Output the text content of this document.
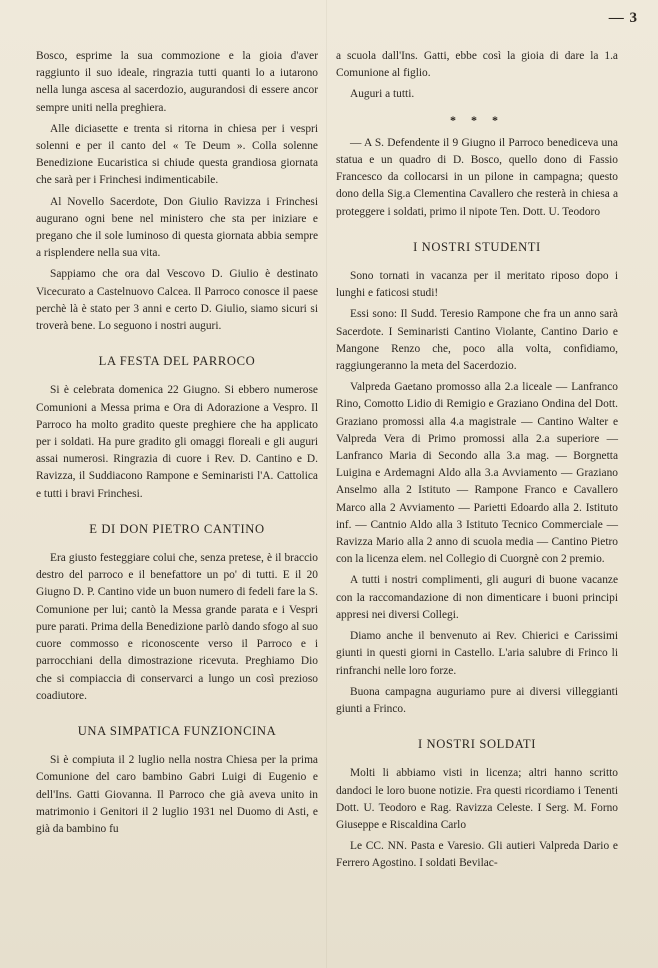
— 3

Bosco, esprime la sua commozione e la gioia d'aver raggiunto il suo ideale, ringrazia tutti quanti lo a iutarono nella lunga ascesa al sacerdozio, augurandosi di essere ancor sempre uniti nella preghiera.

Alle diciasette e trenta si ritorna in chiesa per i vespri solenni e per il canto del « Te Deum ». Colla solenne Benedizione Eucaristica si chiude questa grandiosa giornata che sarà per i Frinchesi indimenticabile.

Al Novello Sacerdote, Don Giulio Ravizza i Frinchesi augurano ogni bene nel ministero che sta per iniziare e pregano che il sole luminoso di questa giornata abbia sempre a risplendere nella sua vita.

Sappiamo che ora dal Vescovo D. Giulio è destinato Vicecurato a Castelnuovo Calcea. Il Parroco conosce il paese perchè là è stato per 3 anni e certo D. Giulio, siamo sicuri si troverà bene. Lo seguono i nostri auguri.

LA FESTA DEL PARROCO

Si è celebrata domenica 22 Giugno. Si ebbero numerose Comunioni a Messa prima e Ora di Adorazione a Vespro. Il Parroco ha molto gradito queste preghiere che ha applicato per i soldati. Ha pure gradito gli omaggi floreali e gli auguri assai numerosi. Ringrazia di cuore i Rev. D. Cantino e D. Ravizza, il Suddiacono Rampone e Seminaristi l'A. Cattolica e tutti i bravi Frinchesi.

E DI DON PIETRO CANTINO

Era giusto festeggiare colui che, senza pretese, è il braccio destro del parroco e il benefattore un po' di tutti. E il 20 Giugno D. P. Cantino vide un buon numero di fedeli fare la S. Comunione per lui; cantò la Messa grande parata e i Vespri pure parati. Prima della Benedizione parlò dando sfogo al suo cuore commosso e riconoscente verso il Parroco e i parrocchiani della dimostrazione ricevuta. Preghiamo Dio che si compiaccia di conservarci a lungo un così prezioso coadiutore.

UNA SIMPATICA FUNZIONCINA

Si è compiuta il 2 luglio nella nostra Chiesa per la prima Comunione del caro bambino Gabri Luigi di Eugenio e dell'Ins. Gatti Giovanna. Il Parroco che già aveva unito in matrimonio i Genitori il 2 luglio 1931 nel Duomo di Asti, e già da bambino fu

a scuola dall'Ins. Gatti, ebbe così la gioia di dare la 1.a Comunione al figlio.

Auguri a tutti.

* * *

— A S. Defendente il 9 Giugno il Parroco benediceva una statua e un quadro di D. Bosco, quello dono di Fassio Francesco da collocarsi in un pilone in campagna; questo dono della Sig.a Clementina Cavallero che resterà in chiesa a proteggere i soldati, primo il nipote Ten. Dott. U. Teodoro

I NOSTRI STUDENTI

Sono tornati in vacanza per il meritato riposo dopo i lunghi e faticosi studi!

Essi sono: Il Sudd. Teresio Rampone che fra un anno sarà Sacerdote. I Seminaristi Cantino Violante, Cantino Dario e Mangone Renzo che, poco alla volta, confidiamo, raggiungeranno la meta del Sacerdozio.

Valpreda Gaetano promosso alla 2.a liceale — Lanfranco Rino, Comotto Lidio di Remigio e Graziano Ondina del Dott. Graziano promossi alla 4.a magistrale — Cantino Walter e Valpreda Vera di Primo promossi alla 2.a superiore — Lanfranco Maria di Secondo alla 3.a mag. — Borgnetta Luigina e Ardemagni Aldo alla 3.a Avviamento — Graziano Anselmo alla 2 Istituto — Rampone Franco e Cavallero Marco alla 2 Avviamento — Parietti Edoardo alla 2. Istituto inf. — Cantnio Aldo alla 3 Istituto Tecnico Commerciale — Ravizza Mario alla 2 anno di scuola media — Cantino Pietro con la licenza elem. nel Collegio di Cuorgnè con 2 premio.

A tutti i nostri complimenti, gli auguri di buone vacanze con la raccomandazione di non dimenticare i buoni principi appresi nei diversi Collegi.

Diamo anche il benvenuto ai Rev. Chierici e Carissimi giunti in questi giorni in Castello. L'aria salubre di Frinco li rinfranchi nelle loro forze.

Buona campagna auguriamo pure ai diversi villeggianti giunti a Frinco.

I NOSTRI SOLDATI

Molti li abbiamo visti in licenza; altri hanno scritto dandoci le loro buone notizie. Fra questi ricordiamo i Tenenti Dott. U. Teodoro e Rag. Ravizza Celeste. I Serg. M. Forno Giuseppe e Riscaldina Carlo

Le CC. NN. Pasta e Varesio. Gli autieri Valpreda Dario e Ferrero Agostino. I soldati Bevilac-
